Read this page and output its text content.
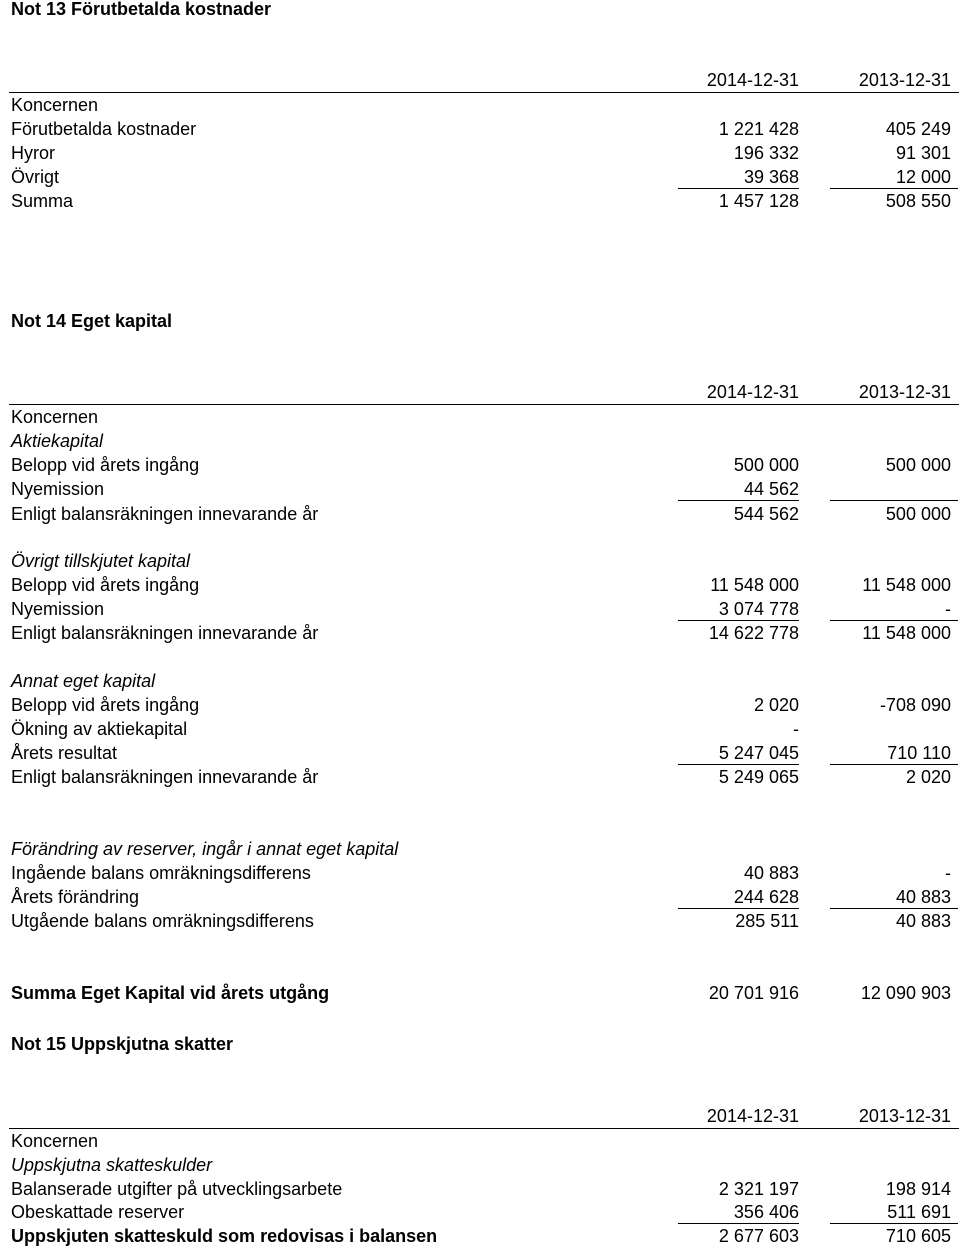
Not 13 Förutbetalda kostnader
2014-12-31	2013-12-31
Koncernen
Förutbetalda kostnader	1 221 428	405 249
Hyror	196 332	91 301
Övrigt	39 368	12 000
Summa	1 457 128	508 550
Not 14 Eget kapital
2014-12-31	2013-12-31
Koncernen
Aktiekapital
Belopp vid årets ingång	500 000	500 000
Nyemission	44 562
Enligt balansräkningen innevarande år	544 562	500 000
Övrigt tillskjutet kapital
Belopp vid årets ingång	11 548 000	11 548 000
Nyemission	3 074 778	-
Enligt balansräkningen innevarande år	14 622 778	11 548 000
Annat eget kapital
Belopp vid årets ingång	2 020	-708 090
Ökning av aktiekapital	-
Årets resultat	5 247 045	710 110
Enligt balansräkningen innevarande år	5 249 065	2 020
Förändring av reserver, ingår i annat eget kapital
Ingående balans omräkningsdifferens	40 883	-
Årets förändring	244 628	40 883
Utgående balans omräkningsdifferens	285 511	40 883
Summa Eget Kapital vid årets utgång	20 701 916	12 090 903
Not 15 Uppskjutna skatter
2014-12-31	2013-12-31
Koncernen
Uppskjutna skatteskulder
Balanserade utgifter på utvecklingsarbete	2 321 197	198 914
Obeskattade reserver	356 406	511 691
Uppskjuten skatteskuld som redovisas i balansen	2 677 603	710 605
